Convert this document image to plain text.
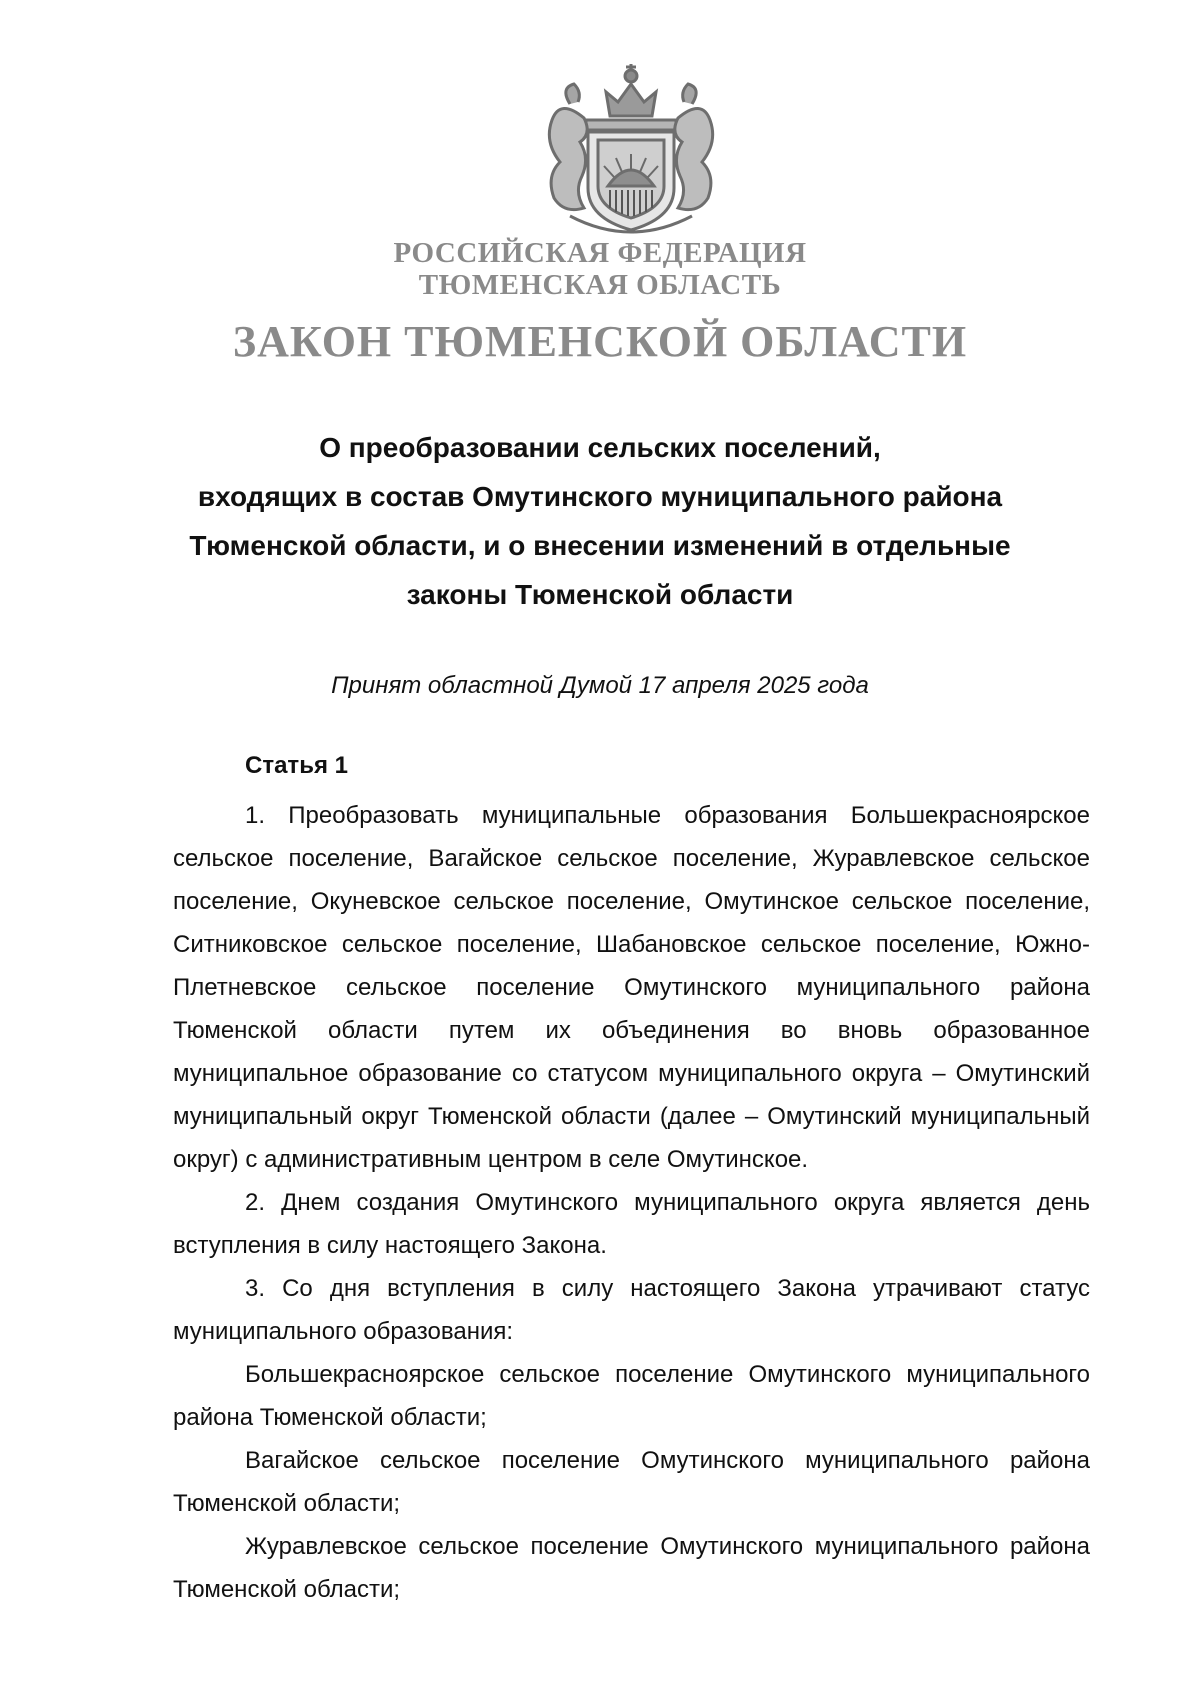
РОССИЙСКАЯ ФЕДЕРАЦИЯ
ТЮМЕНСКАЯ ОБЛАСТЬ
ЗАКОН ТЮМЕНСКОЙ ОБЛАСТИ
О преобразовании сельских поселений,
входящих в состав Омутинского муниципального района
Тюменской области, и о внесении изменений в отдельные
законы Тюменской области
Принят областной Думой 17 апреля 2025 года
Статья 1

1. Преобразовать муниципальные образования Большекрасноярское сельское поселение, Вагайское сельское поселение, Журавлевское сельское поселение, Окуневское сельское поселение, Омутинское сельское поселение, Ситниковское сельское поселение, Шабановское сельское поселение, Южно-Плетневское сельское поселение Омутинского муниципального района Тюменской области путем их объединения во вновь образованное муниципальное образование со статусом муниципального округа – Омутинский муниципальный округ Тюменской области (далее – Омутинский муниципальный округ) с административным центром в селе Омутинское.

2. Днем создания Омутинского муниципального округа является день вступления в силу настоящего Закона.

3. Со дня вступления в силу настоящего Закона утрачивают статус муниципального образования:

Большекрасноярское сельское поселение Омутинского муниципального района Тюменской области;

Вагайское сельское поселение Омутинского муниципального района Тюменской области;

Журавлевское сельское поселение Омутинского муниципального района Тюменской области;
